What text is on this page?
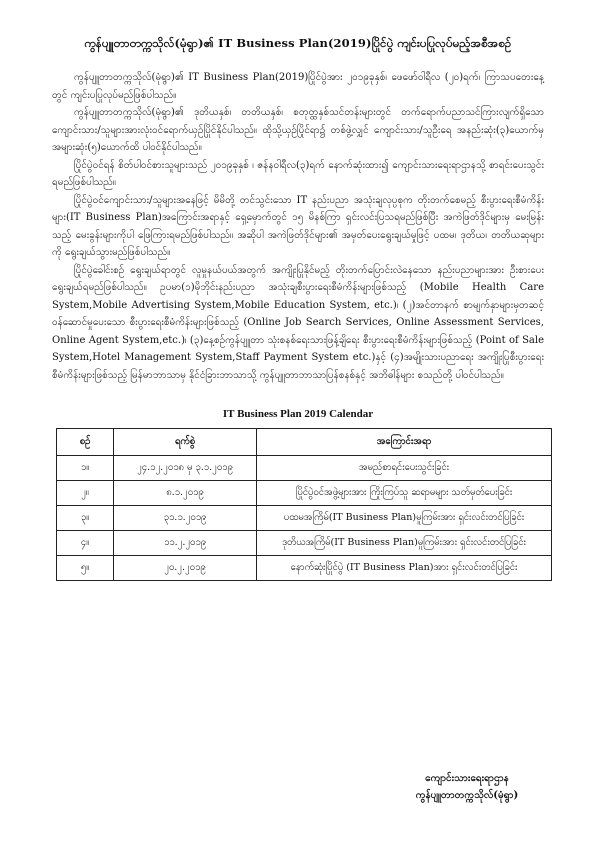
ကွန်ပျူတာတက္ကသိုလ်(မုံရွာ)၏ IT Business Plan(2019)ပြိုင်ပွဲ ကျင်းပပြုလုပ်မည့်အစီအစဉ်

ကွန်ပျူတာတက္ကသိုလ်(မုံရွာ)၏ IT Business Plan(2019)ပြိုင်ပွဲအား ၂၀၁၉ခုနှစ်၊ ဖေဖော်ဝါရီလ (၂၀)ရက်၊ ကြာသပတေးနေ့တွင် ကျင်းပပြုလုပ်မည်ဖြစ်ပါသည်။

ကွန်ပျူတာတက္ကသိုလ်(မုံရွာ)၏ ဒုတိယနှစ်၊ တတိယနှစ်၊ စတုတ္ထနှစ်သင်တန်းများတွင် တက်ရောက်ပညာသင်ကြားလျက်ရှိသော ကျောင်းသား/သူများအားလုံးဝင်ရောက်ယှဉ်ပြိုင်နိုင်ပါသည်။ ထိုသို့ယှဉ်ပြိုင်ရာ၌ တစ်ဖွဲ့လျှင် ကျောင်းသား/သူဦးရေ အနည်းဆုံး(၃)ယောက်မှ အများဆုံး(၅)ယောက်ထိ ပါဝင်နိုင်ပါသည်။

ပြိုင်ပွဲဝင်ရန် စိတ်ပါဝင်စားသူများသည် ၂၀၁၉ခုနှစ် ၊ ဇန်နဝါရီလ(၃)ရက် နောက်ဆုံးထား၍ ကျောင်းသားရေးရာဌာနသို့ စာရင်းပေးသွင်းရမည်ဖြစ်ပါသည်။

ပြိုင်ပွဲဝင်ကျောင်းသား/သူများအနေဖြင့် မိမိတို့ တင်သွင်းသော IT နည်းပညာ အသုံးချလုပ္ပစုက တိုးတက်စေမည့် စီးပွားရေးစီမံကိန်းများ(IT Business Plan)အကြောင်းအရာနှင့် ရှေ့မှောက်တွင် ၁၅ မိနစ်ကြာ ရှင်းလင်းပြသရမည်ဖြစ်ပြီး အကဲဖြတ်ဒိုင်များမှ မေးမြန်းသည့် မေးခွန်းများကိုပါ ဖြေကြားရမည်ဖြစ်ပါသည်။ အဆိုပါ အကဲဖြတ်ဒိုင်များ၏ အမှတ်ပေးရွေးချယ်မှုဖြင့် ပထမ၊ ဒုတိယ၊ တတိယဆုများကို ရွေးချယ်သွားမည်ဖြစ်ပါသည်။

ပြိုင်ပွဲခေါင်းစဉ် ရွေးချယ်ရာတွင် လူမှုနယ်ပယ်အတွက် အကျိုးပြုနိုင်မည့် တိုးတက်ပြောင်းလဲနေသော နည်းပညာများအား ဦးစားပေး ရွေးချယ်ရမည်ဖြစ်ပါသည်။ ဥပမာ(၁)မိုဘိုင်းနည်းပညာ အသုံးချစီးပွားရေးစီမံကိန်းများဖြစ်သည့် (Mobile Health Care System,Mobile Advertising System,Mobile Education System, etc.)၊ (၂)အင်တာနက် စာမျက်နှာများမှတဆင့် ဝန်ဆောင်မှုပေးသော စီးပွားရေးစီမံကိန်းများဖြစ်သည့် (Online Job Search Services, Online Assessment Services, Online Agent System,etc.)၊ (၃)နေ့စဉ်ကွန်ပျူတာ သုံးစနစ်ရေးသားဖြန့်ချိရေး စီးပွားရေးစီမံကိန်းများဖြစ်သည့် (Point of Sale System,Hotel Management System,Staff Payment System etc.)နှင့် (၄)အမျိုးသားပညာရေး အကျိုးပြုစီးပွားရေးစီမံကိန်းများဖြစ်သည့် မြန်မာဘာသာမှ နိုင်ငံခြားဘာသာသို့ ကွန်ပျူတာဘာသာပြန်စနစ်နှင့် အဘိဓါန်များ စသည်တို့ ပါဝင်ပါသည်။

IT Business Plan 2019 Calendar
စဉ်	ရက်စွဲ	အကြောင်းအရာ
၁။	၂၄.၁၂.၂၀၁၈ မှ ၃.၁.၂၀၁၉	အမည်စာရင်းပေးသွင်းခြင်း
၂။	၈.၁.၂၀၁၉	ပြိုင်ပွဲဝင်အဖွဲ့များအား ကြိုးကြပ်သူ ဆရာမများ သတ်မှတ်ပေးခြင်း
၃။	၃၁.၁.၂၀၁၉	ပထမအကြိမ်(IT Business Plan)မူကြမ်းအား ရှင်းလင်းတင်ပြခြင်း
၄။	၁၁.၂.၂၀၁၉	ဒုတိယအကြိမ်(IT Business Plan)မူကြမ်းအား ရှင်းလင်းတင်ပြခြင်း
၅။	၂၀.၂.၂၀၁၉	နောက်ဆုံးပြိုင်ပွဲ (IT Business Plan)အား ရှင်းလင်းတင်ပြခြင်း
ကျောင်းသားရေးရာဌာန
ကွန်ပျူတာတက္ကသိုလ်(မုံရွာ)
